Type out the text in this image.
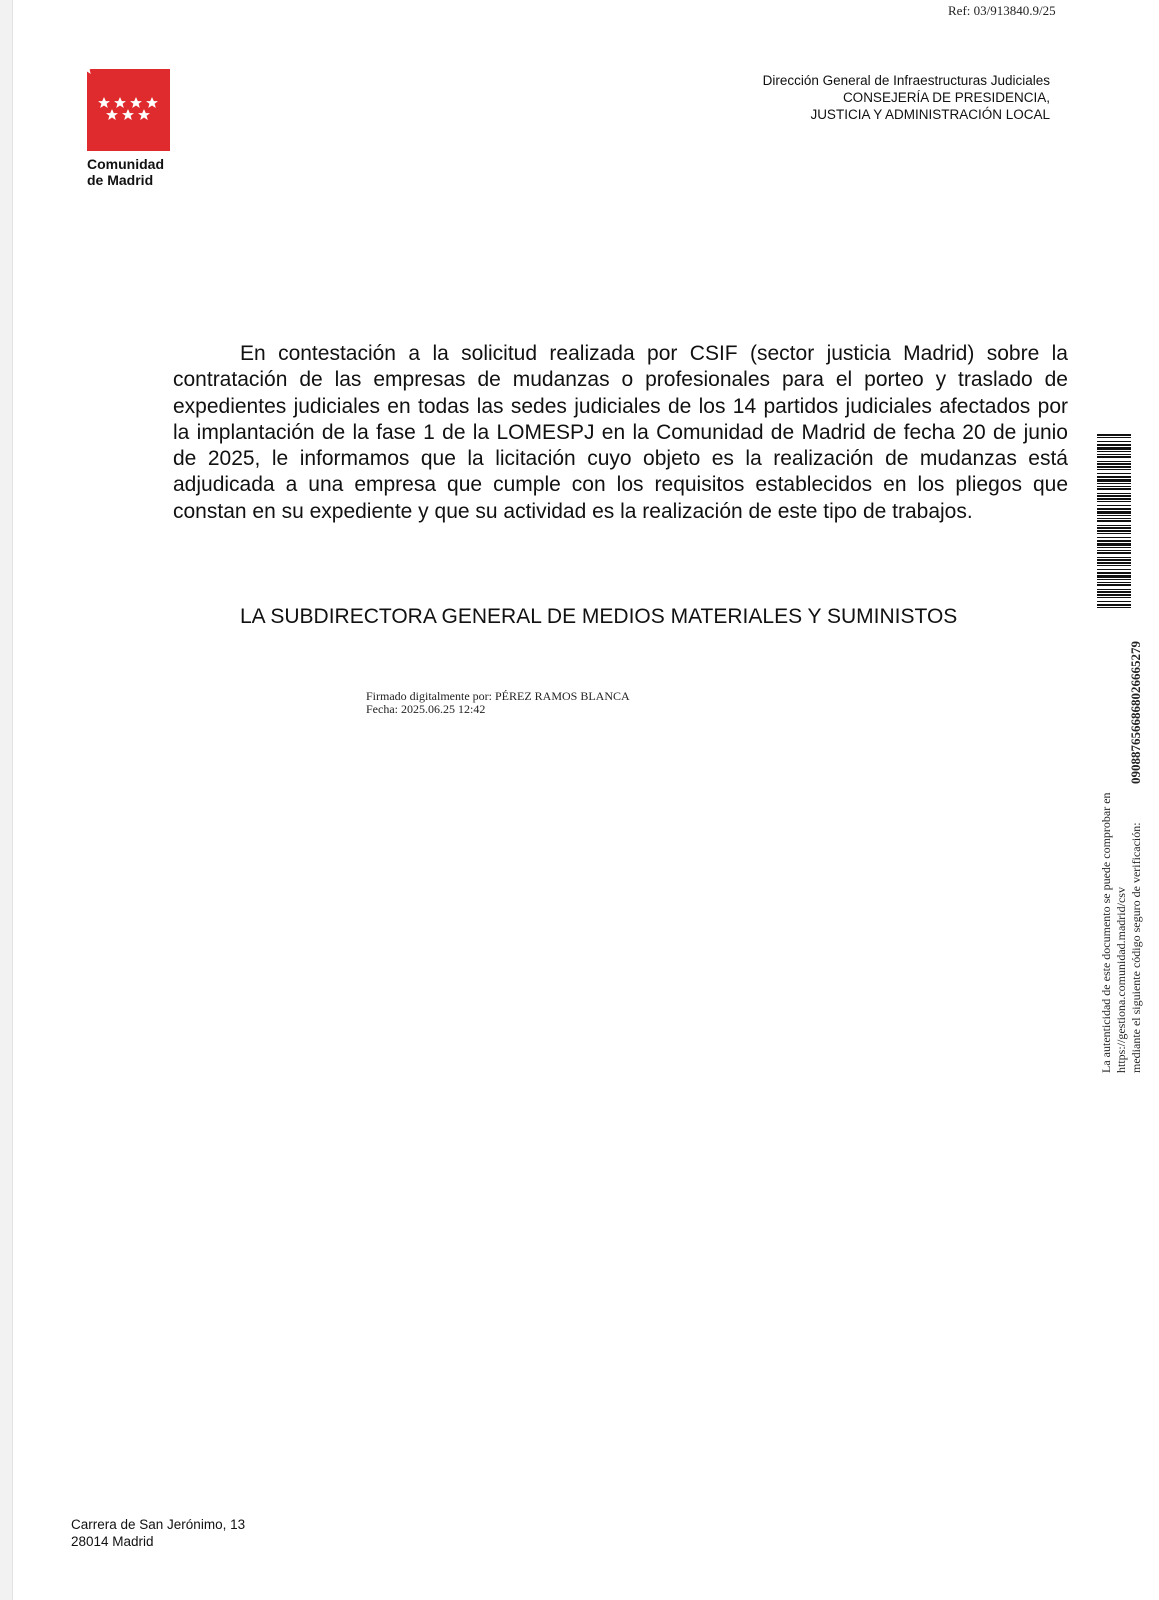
Ref: 03/913840.9/25
Comunidad
de Madrid
Dirección General de Infraestructuras Judiciales
CONSEJERÍA DE PRESIDENCIA,
JUSTICIA Y ADMINISTRACIÓN LOCAL
En contestación a la solicitud realizada por CSIF (sector justicia Madrid) sobre la contratación de las empresas de mudanzas o profesionales para el porteo y traslado de expedientes judiciales en todas las sedes judiciales de los 14 partidos judiciales afectados por la implantación de la fase 1 de la LOMESPJ en la Comunidad de Madrid de fecha 20 de junio de 2025, le informamos que la licitación cuyo objeto es la realización de mudanzas está adjudicada a una empresa que cumple con los requisitos establecidos en los pliegos que constan en su expediente y que su actividad es la realización de este tipo de trabajos.
LA SUBDIRECTORA GENERAL DE MEDIOS MATERIALES Y SUMINISTOS
Firmado digitalmente por: PÉREZ RAMOS BLANCA
Fecha: 2025.06.25 12:42
La autenticidad de este documento se puede comprobar en https://gestiona.comunidad.madrid/csv mediante el siguiente código seguro de verificación:
0908876566868026665279
Carrera de San Jerónimo, 13
28014 Madrid
